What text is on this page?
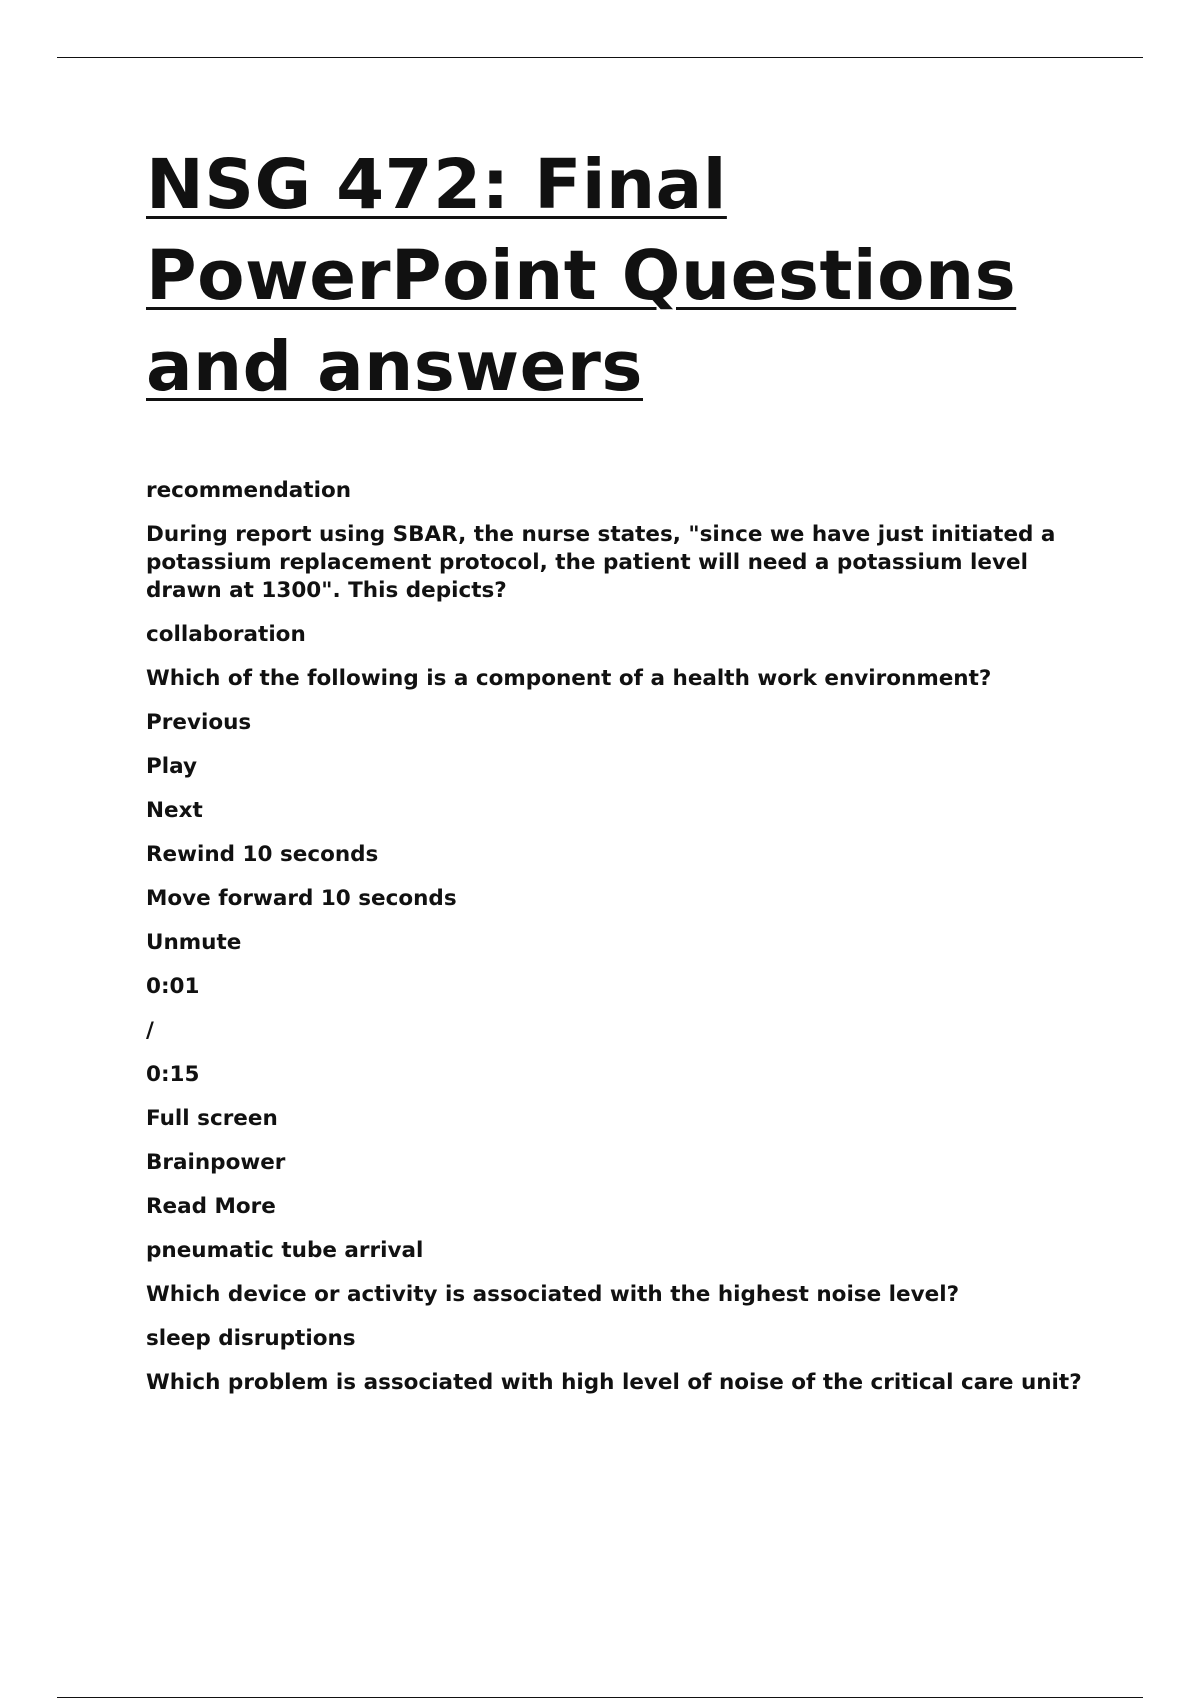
NSG 472: Final PowerPoint Questions and answers

recommendation

During report using SBAR, the nurse states, "since we have just initiated a potassium replacement protocol, the patient will need a potassium level drawn at 1300". This depicts?

collaboration

Which of the following is a component of a health work environment?

Previous

Play

Next

Rewind 10 seconds

Move forward 10 seconds

Unmute

0:01

/

0:15

Full screen

Brainpower

Read More

pneumatic tube arrival

Which device or activity is associated with the highest noise level?

sleep disruptions

Which problem is associated with high level of noise of the critical care unit?
